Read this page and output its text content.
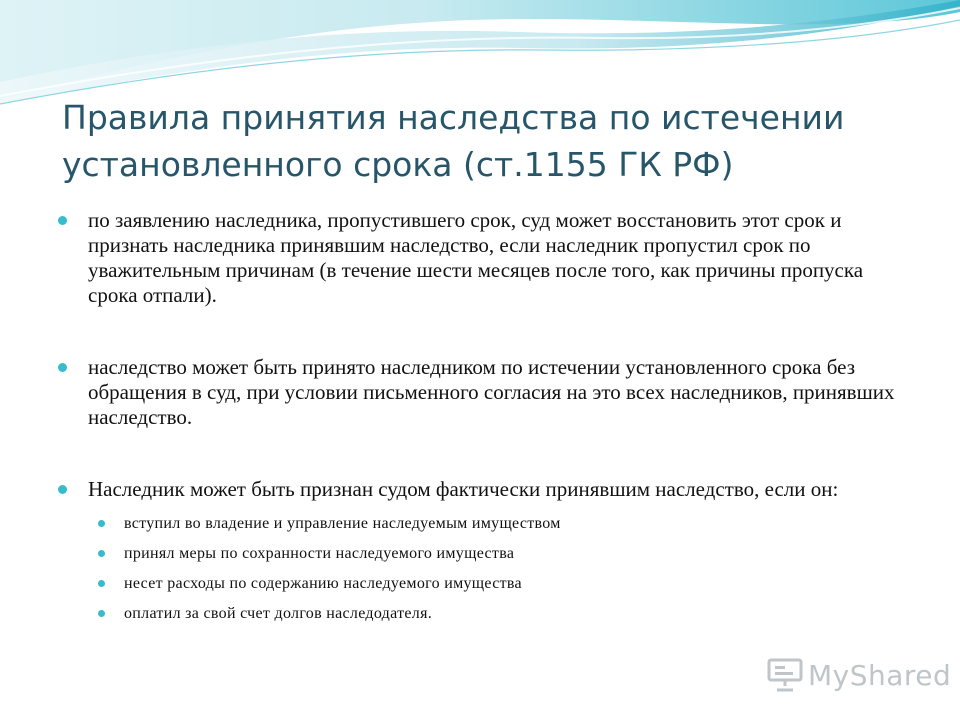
Правила принятия наследства по истечении установленного срока (ст.1155 ГК РФ)
по заявлению наследника, пропустившего срок, суд может восстановить этот срок и признать наследника принявшим наследство, если наследник пропустил срок по уважительным причинам (в течение шести месяцев после того, как причины пропуска срока отпали).
наследство может быть принято наследником по истечении установленного срока без обращения в суд, при условии письменного согласия на это всех наследников, принявших наследство.
Наследник может быть признан судом фактически принявшим наследство, если он:
вступил во владение и управление наследуемым имуществом
принял меры по сохранности наследуемого имущества
несет расходы по содержанию наследуемого имущества
оплатил за свой счет долгов наследодателя.
MyShared
